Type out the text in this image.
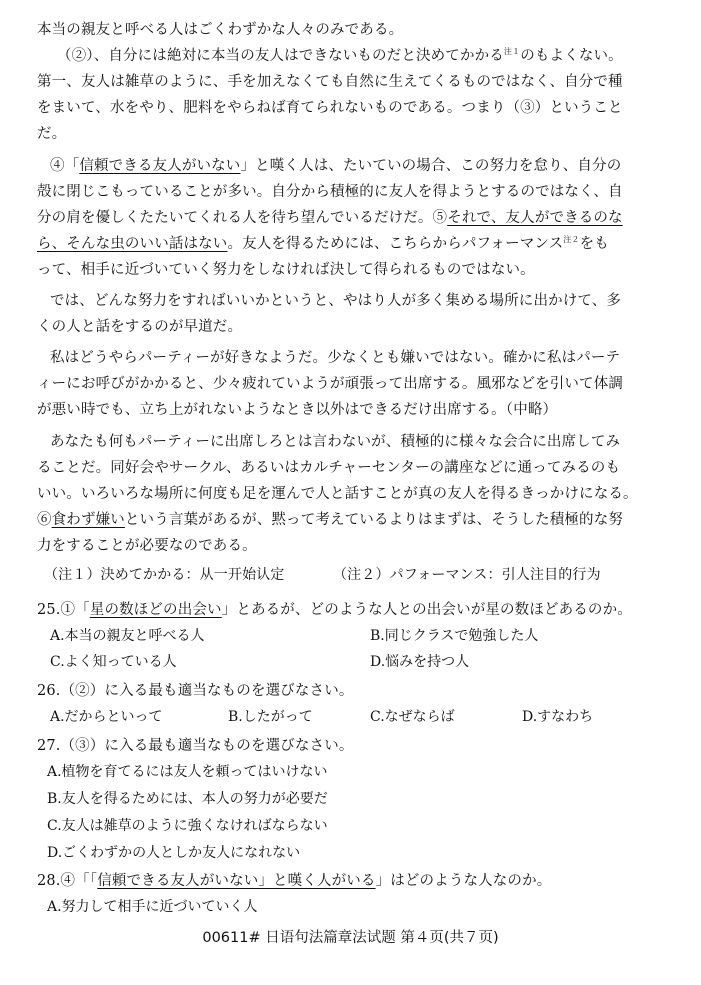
本当の親友と呼べる人はごくわずかな人々のみである。
（②）、自分には絶対に本当の友人はできないものだと決めてかかる$^{注1}$のもよくない。
第一、友人は雑草のように、手を加えなくても自然に生えてくるものではなく、自分で種
をまいて、水をやり、肥料をやらねば育てられないものである。つまり（③）ということ
だ。
④「信頼できる友人がいない」と嘆く人は、たいていの場合、この努力を怠り、自分の
殻に閉じこもっていることが多い。自分から積極的に友人を得ようとするのではなく、自
分の肩を優しくたたいてくれる人を待ち望んでいるだけだ。⑤それで、友人ができるのな
ら、そんな虫のいい話はない。友人を得るためには、こちらからパフォーマンス$^{注2}$をも
って、相手に近づいていく努力をしなければ決して得られるものではない。
では、どんな努力をすればいいかというと、やはり人が多く集める場所に出かけて、多
くの人と話をするのが早道だ。
私はどうやらパーティーが好きなようだ。少なくとも嫌いではない。確かに私はパーテ
ィーにお呼びがかかると、少々疲れていようが頑張って出席する。風邪などを引いて体調
が悪い時でも、立ち上がれないようなとき以外はできるだけ出席する。（中略）
あなたも何もパーティーに出席しろとは言わないが、積極的に様々な会合に出席してみ
ることだ。同好会やサークル、あるいはカルチャーセンターの講座などに通ってみるのも
いい。いろいろな場所に何度も足を運んで人と話すことが真の友人を得るきっかけになる。
⑥食わず嫌いという言葉があるが、黙って考えているよりはまずは、そうした積極的な努
力をすることが必要なのである。
（注１）決めてかかる：从一开始认定	（注２）パフォーマンス：引人注目的行为
25.①「星の数ほどの出会い」とあるが、どのような人との出会いが星の数ほどあるのか。
A.本当の親友と呼べる人	B.同じクラスで勉強した人
C.よく知っている人	D.悩みを持つ人
26.（②）に入る最も適当なものを選びなさい。
A.だからといって	B.したがって	C.なぜならば	D.すなわち
27.（③）に入る最も適当なものを選びなさい。
A.植物を育てるには友人を頼ってはいけない
B.友人を得るためには、本人の努力が必要だ
C.友人は雑草のように強くなければならない
D.ごくわずかの人としか友人になれない
28.④「「信頼できる友人がいない」と嘆く人がいる」はどのような人なのか。
A.努力して相手に近づいていく人
00611# 日语句法篇章法试题 第４页(共７页)
